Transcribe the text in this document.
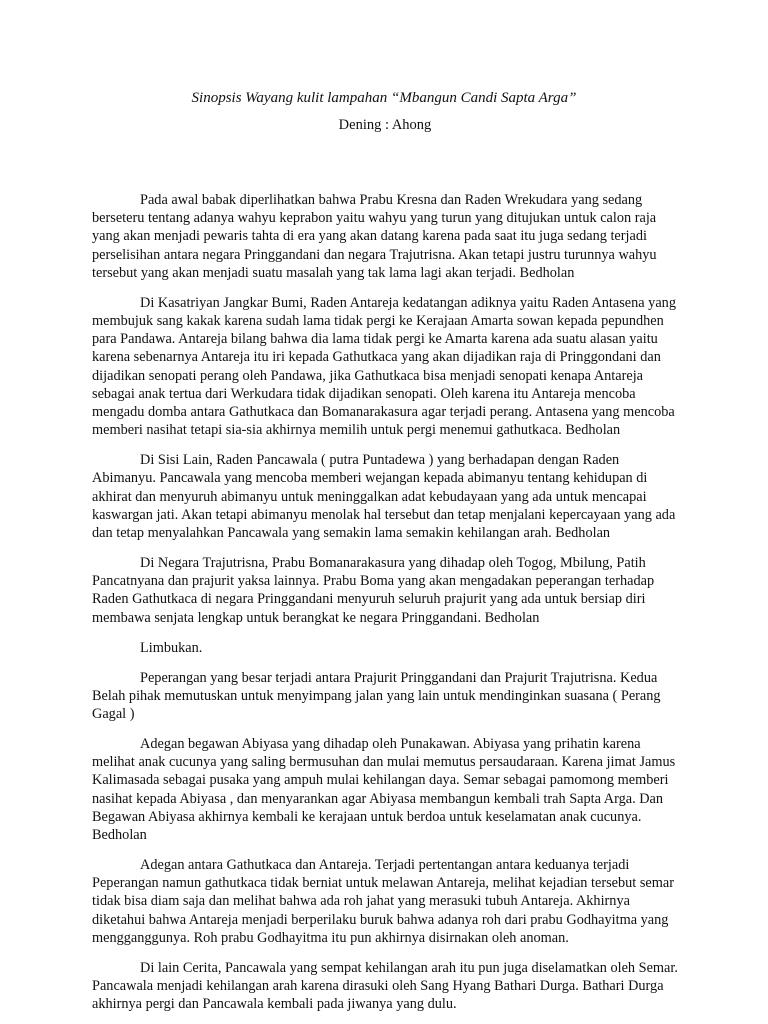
Sinopsis Wayang kulit lampahan “Mbangun Candi Sapta Arga”
Dening : Ahong

Pada awal babak diperlihatkan bahwa Prabu Kresna dan Raden Wrekudara yang sedang berseteru tentang adanya wahyu keprabon yaitu wahyu yang turun yang ditujukan untuk calon raja yang akan menjadi pewaris tahta di era yang akan datang karena pada saat itu juga sedang terjadi perselisihan antara negara Pringgandani dan negara Trajutrisna. Akan tetapi justru turunnya wahyu tersebut yang akan menjadi suatu masalah yang tak lama lagi akan terjadi. Bedholan

Di Kasatriyan Jangkar Bumi, Raden Antareja kedatangan adiknya yaitu Raden Antasena yang membujuk sang kakak karena sudah lama tidak pergi ke Kerajaan Amarta sowan kepada pepundhen para Pandawa. Antareja bilang bahwa dia lama tidak pergi ke Amarta karena ada suatu alasan yaitu karena sebenarnya Antareja itu iri kepada Gathutkaca yang akan dijadikan raja di Pringgondani dan dijadikan senopati perang oleh Pandawa, jika Gathutkaca bisa menjadi senopati kenapa Antareja sebagai anak tertua dari Werkudara tidak dijadikan senopati. Oleh karena itu Antareja mencoba mengadu domba antara Gathutkaca dan Bomanarakasura agar terjadi perang. Antasena yang mencoba memberi nasihat tetapi sia-sia akhirnya memilih untuk pergi menemui gathutkaca. Bedholan

Di Sisi Lain, Raden Pancawala ( putra Puntadewa ) yang berhadapan dengan Raden Abimanyu. Pancawala yang mencoba memberi wejangan kepada abimanyu tentang kehidupan di akhirat dan menyuruh abimanyu untuk meninggalkan adat kebudayaan yang ada untuk mencapai kaswargan jati. Akan tetapi abimanyu menolak hal tersebut dan tetap menjalani kepercayaan yang ada dan tetap menyalahkan Pancawala yang semakin lama semakin kehilangan arah. Bedholan

Di Negara Trajutrisna, Prabu Bomanarakasura yang dihadap oleh Togog, Mbilung, Patih Pancatnyana dan prajurit yaksa lainnya. Prabu Boma yang akan mengadakan peperangan terhadap Raden Gathutkaca di negara Pringgandani menyuruh seluruh prajurit yang ada untuk bersiap diri membawa senjata lengkap untuk berangkat ke negara Pringgandani. Bedholan

Limbukan.

Peperangan yang besar terjadi antara Prajurit Pringgandani dan Prajurit Trajutrisna. Kedua Belah pihak memutuskan untuk menyimpang jalan yang lain untuk mendinginkan suasana ( Perang Gagal )

Adegan begawan Abiyasa yang dihadap oleh Punakawan. Abiyasa yang prihatin karena melihat anak cucunya yang saling bermusuhan dan mulai memutus persaudaraan. Karena jimat Jamus Kalimasada sebagai pusaka yang ampuh mulai kehilangan daya. Semar sebagai pamomong memberi nasihat kepada Abiyasa , dan menyarankan agar Abiyasa membangun kembali trah Sapta Arga. Dan Begawan Abiyasa akhirnya kembali ke kerajaan untuk berdoa untuk keselamatan anak cucunya. Bedholan

Adegan antara Gathutkaca dan Antareja. Terjadi pertentangan antara keduanya terjadi Peperangan namun gathutkaca tidak berniat untuk melawan Antareja, melihat kejadian tersebut semar tidak bisa diam saja dan melihat bahwa ada roh jahat yang merasuki tubuh Antareja. Akhirnya diketahui bahwa Antareja menjadi berperilaku buruk bahwa adanya roh dari prabu Godhayitma yang mengganggunya. Roh prabu Godhayitma itu pun akhirnya disirnakan oleh anoman.

Di lain Cerita, Pancawala yang sempat kehilangan arah itu pun juga diselamatkan oleh Semar. Pancawala menjadi kehilangan arah karena dirasuki oleh Sang Hyang Bathari Durga. Bathari Durga akhirnya pergi dan Pancawala kembali pada jiwanya yang dulu.
